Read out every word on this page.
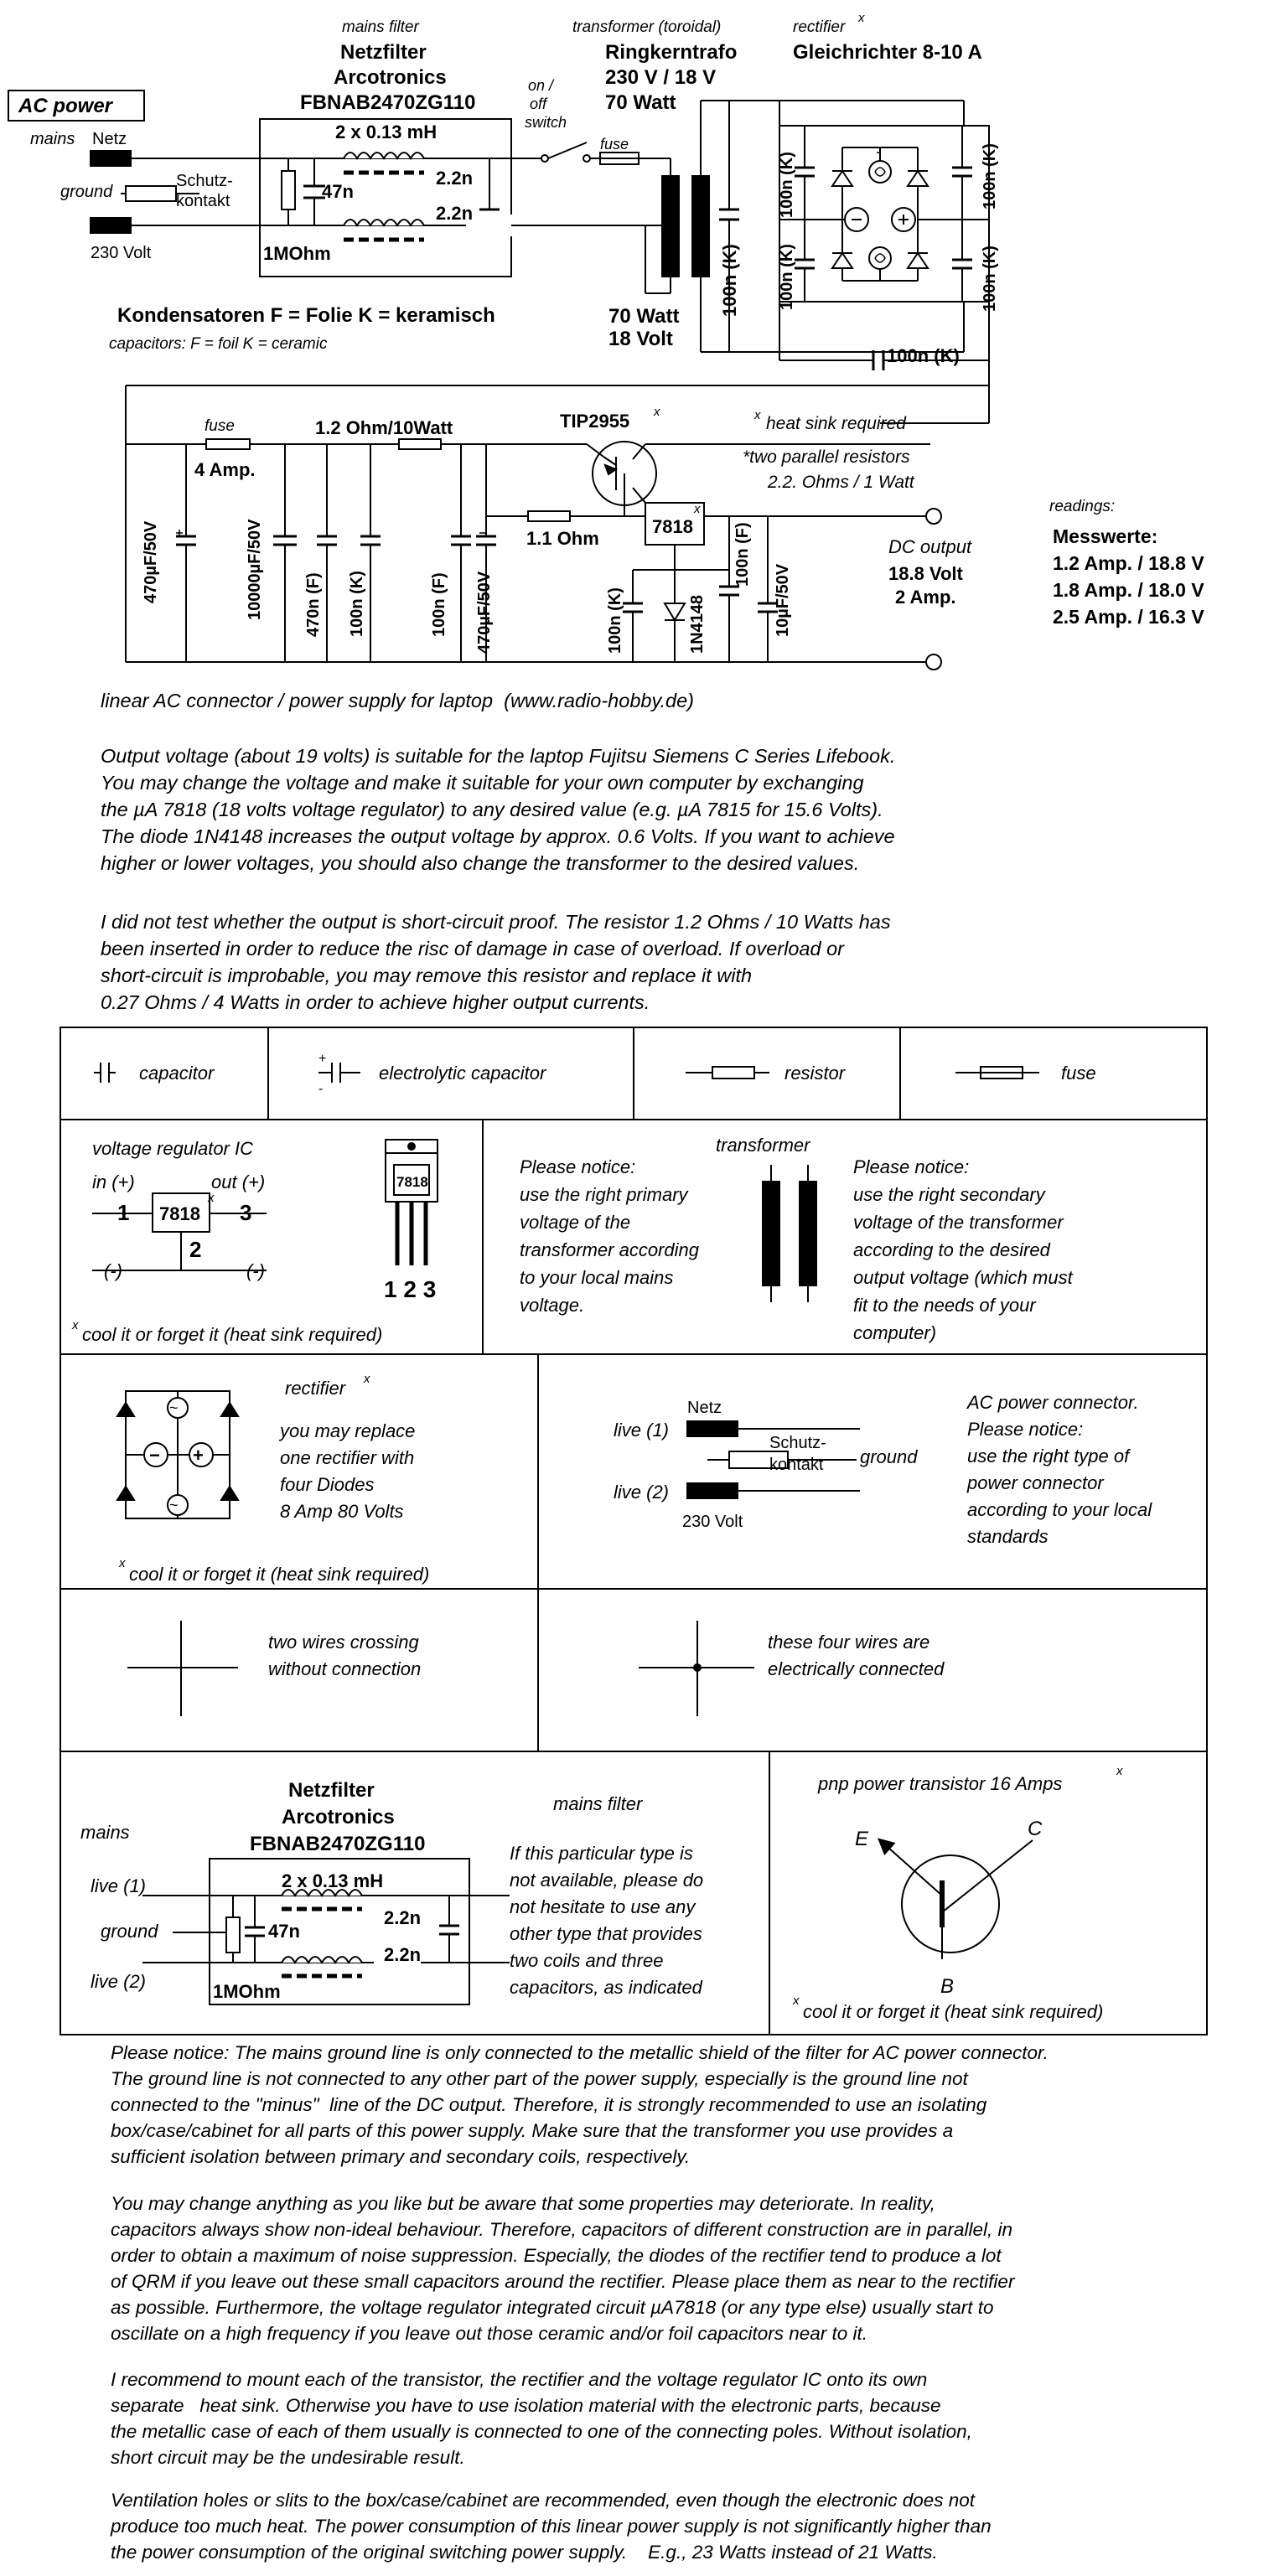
AC power
mains Netz
ground
230 Volt
Schutz-
kontakt
mains filter
Netzfilter
Arcotronics
FBNAB2470ZG110
2 x 0.13 mH
2.2n
2.2n
47n
1MOhm
on /
off
switch
fuse
transformer (toroidal)
Ringkerntrafo
230 V / 18 V
70 Watt
70 Watt
18 Volt
100n (K)
rectifier
x
Gleichrichter 8-10 A
100n (K)
100n (K)
100n (K)
100n (K)
100n (K)
Kondensatoren F = Folie K = keramisch
capacitors: F = foil K = ceramic
fuse
4 Amp.
1.2 Ohm/10Watt	TIP2955 x	x heat sink required
*two parallel resistors
2.2. Ohms / 1 Watt
7818
x
1.1 Ohm
470µF/50V	10000µF/50V 470n (F) 100n (K)	100n (F) 470µF/50V	100n (K)	1N4148
100n (F)
10µF/50V
DC output
18.8 Volt
2 Amp.
readings:
Messwerte:
1.2 Amp. / 18.8 V
1.8 Amp. / 18.0 V
2.5 Amp. / 16.3 V
capacitor
+
-
electrolytic capacitor	resistor	fuse
voltage regulator IC
in (+)	out (+)
7818
7818
x
1	3
2
(-)	(-)
1 2 3
x cool it or forget it (heat sink required)
transformer
− +
~
~
rectifier x
x
cool it or forget it (heat sink required)
Netz
live (1)
live (2)
Schutz-
kontakt ground
230 Volt
Netzfilter
Arcotronics
FBNAB2470ZG110
mains
live (1)
ground
live (2)
2 x 0.13 mH
2.2n
2.2n
47n
1MOhm
mains filter
pnp power transistor 16 Amps
x
E	C
B
x
cool it or forget it (heat sink required)

linear AC connector / power supply for laptop  (www.radio-hobby.de)

Output voltage (about 19 volts) is suitable for the laptop Fujitsu Siemens C Series Lifebook.
You may change the voltage and make it suitable for your own computer by exchanging
the µA 7818 (18 volts voltage regulator) to any desired value (e.g. µA 7815 for 15.6 Volts).
The diode 1N4148 increases the output voltage by approx. 0.6 Volts. If you want to achieve
higher or lower voltages, you should also change the transformer to the desired values.

I did not test whether the output is short-circuit proof. The resistor 1.2 Ohms / 10 Watts has
been inserted in order to reduce the risc of damage in case of overload. If overload or
short-circuit is improbable, you may remove this resistor and replace it with
0.27 Ohms / 4 Watts in order to achieve higher output currents.

Please notice:
use the right primary
voltage of the
transformer according
to your local mains
voltage.

Please notice:
use the right secondary
voltage of the transformer
according to the desired
output voltage (which must
fit to the needs of your
computer)

you may replace
one rectifier with
four Diodes
8 Amp 80 Volts

AC power connector.
Please notice:
use the right type of
power connector
according to your local
standards

two wires crossing
without connection

these four wires are
electrically connected

If this particular type is
not available, please do
not hesitate to use any
other type that provides
two coils and three
capacitors, as indicated

Please notice: The mains ground line is only connected to the metallic shield of the filter for AC power connector.
The ground line is not connected to any other part of the power supply, especially is the ground line not
connected to the "minus"  line of the DC output. Therefore, it is strongly recommended to use an isolating
box/case/cabinet for all parts of this power supply. Make sure that the transformer you use provides a
sufficient isolation between primary and secondary coils, respectively.

You may change anything as you like but be aware that some properties may deteriorate. In reality,
capacitors always show non-ideal behaviour. Therefore, capacitors of different construction are in parallel, in
order to obtain a maximum of noise suppression. Especially, the diodes of the rectifier tend to produce a lot
of QRM if you leave out these small capacitors around the rectifier. Please place them as near to the rectifier
as possible. Furthermore, the voltage regulator integrated circuit µA7818 (or any type else) usually start to
oscillate on a high frequency if you leave out those ceramic and/or foil capacitors near to it.

I recommend to mount each of the transistor, the rectifier and the voltage regulator IC onto its own
separate   heat sink. Otherwise you have to use isolation material with the electronic parts, because
the metallic case of each of them usually is connected to one of the connecting poles. Without isolation,
short circuit may be the undesirable result.

Ventilation holes or slits to the box/case/cabinet are recommended, even though the electronic does not
produce too much heat. The power consumption of this linear power supply is not significantly higher than
the power consumption of the original switching power supply.    E.g., 23 Watts instead of 21 Watts.
